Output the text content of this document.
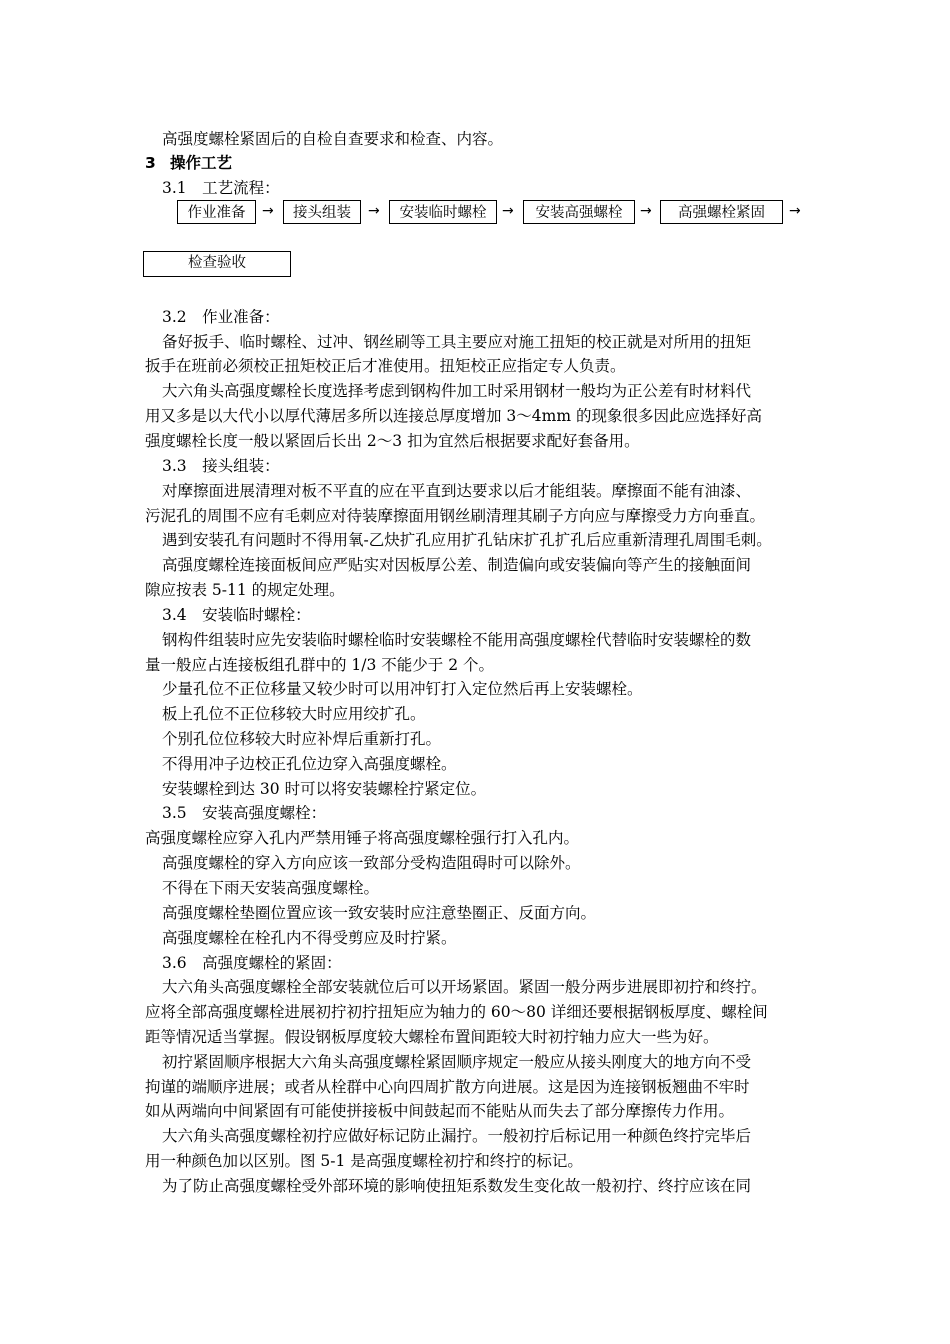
高强度螺栓紧固后的自检自查要求和检查、内容。
3 操作工艺
3.1　工艺流程：
作业准备	→	接头组装	→	安装临时螺栓	→	安装高强螺栓	→	高强螺栓紧固	→
检查验收
3.2　作业准备：
备好扳手、临时螺栓、过冲、钢丝刷等工具主要应对施工扭矩的校正就是对所用的扭矩
扳手在班前必须校正扭矩校正后才准使用。扭矩校正应指定专人负责。
大六角头高强度螺栓长度选择考虑到钢构件加工时采用钢材一般均为正公差有时材料代
用又多是以大代小以厚代薄居多所以连接总厚度增加 3～4mm 的现象很多因此应选择好高
强度螺栓长度一般以紧固后长出 2～3 扣为宜然后根据要求配好套备用。
3.3　接头组装：
对摩擦面进展清理对板不平直的应在平直到达要求以后才能组装。摩擦面不能有油漆、
污泥孔的周围不应有毛刺应对待装摩擦面用钢丝刷清理其刷子方向应与摩擦受力方向垂直。
遇到安装孔有问题时不得用氧-乙炔扩孔应用扩孔钻床扩孔扩孔后应重新清理孔周围毛刺。
高强度螺栓连接面板间应严贴实对因板厚公差、制造偏向或安装偏向等产生的接触面间
隙应按表 5-11 的规定处理。
3.4　安装临时螺栓：
钢构件组装时应先安装临时螺栓临时安装螺栓不能用高强度螺栓代替临时安装螺栓的数
量一般应占连接板组孔群中的 1/3 不能少于 2 个。
少量孔位不正位移量又较少时可以用冲钉打入定位然后再上安装螺栓。
板上孔位不正位移较大时应用绞扩孔。
个别孔位位移较大时应补焊后重新打孔。
不得用冲子边校正孔位边穿入高强度螺栓。
安装螺栓到达 30 时可以将安装螺栓拧紧定位。
3.5　安装高强度螺栓：
高强度螺栓应穿入孔内严禁用锤子将高强度螺栓强行打入孔内。
高强度螺栓的穿入方向应该一致部分受构造阻碍时可以除外。
不得在下雨天安装高强度螺栓。
高强度螺栓垫圈位置应该一致安装时应注意垫圈正、反面方向。
高强度螺栓在栓孔内不得受剪应及时拧紧。
3.6　高强度螺栓的紧固：
大六角头高强度螺栓全部安装就位后可以开场紧固。紧固一般分两步进展即初拧和终拧。
应将全部高强度螺栓进展初拧初拧扭矩应为轴力的 60～80 详细还要根据钢板厚度、螺栓间
距等情况适当掌握。假设钢板厚度较大螺栓布置间距较大时初拧轴力应大一些为好。
初拧紧固顺序根据大六角头高强度螺栓紧固顺序规定一般应从接头刚度大的地方向不受
拘谨的端顺序进展；或者从栓群中心向四周扩散方向进展。这是因为连接钢板翘曲不牢时
如从两端向中间紧固有可能使拼接板中间鼓起而不能贴从而失去了部分摩擦传力作用。
大六角头高强度螺栓初拧应做好标记防止漏拧。一般初拧后标记用一种颜色终拧完毕后
用一种颜色加以区别。图 5-1 是高强度螺栓初拧和终拧的标记。
为了防止高强度螺栓受外部环境的影响使扭矩系数发生变化故一般初拧、终拧应该在同
